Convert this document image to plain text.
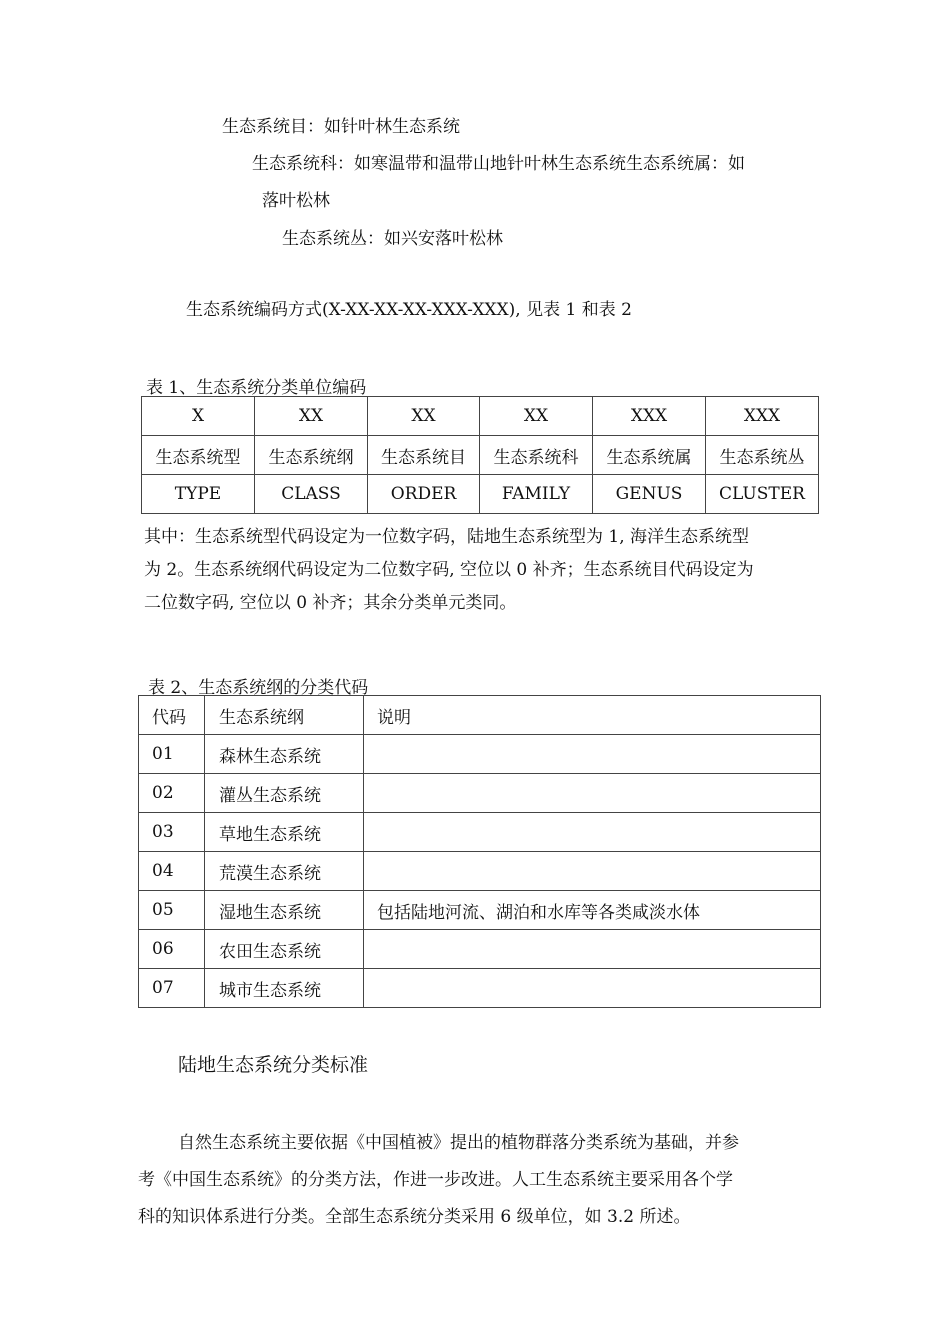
生态系统目：如针叶林生态系统
生态系统科：如寒温带和温带山地针叶林生态系统生态系统属：如
落叶松林
生态系统丛：如兴安落叶松林
生态系统编码方式(X-XX-XX-XX-XXX-XXX), 见表 1 和表 2
表 1、生态系统分类单位编码
X	XX	XX	XX	XXX	XXX
生态系统型	生态系统纲	生态系统目	生态系统科	生态系统属	生态系统丛
TYPE	CLASS	ORDER	FAMILY	GENUS	CLUSTER
其中：生态系统型代码设定为一位数字码，陆地生态系统型为 1, 海洋生态系统型
为 2。生态系统纲代码设定为二位数字码, 空位以 0 补齐；生态系统目代码设定为
二位数字码, 空位以 0 补齐；其余分类单元类同。
表 2、生态系统纲的分类代码
代码	生态系统纲	说明
01	森林生态系统	
02	灌丛生态系统	
03	草地生态系统	
04	荒漠生态系统	
05	湿地生态系统	包括陆地河流、湖泊和水库等各类咸淡水体
06	农田生态系统	
07	城市生态系统	
陆地生态系统分类标准
自然生态系统主要依据《中国植被》提出的植物群落分类系统为基础，并参
考《中国生态系统》的分类方法，作进一步改进。人工生态系统主要采用各个学
科的知识体系进行分类。全部生态系统分类采用 6 级单位，如 3.2 所述。
